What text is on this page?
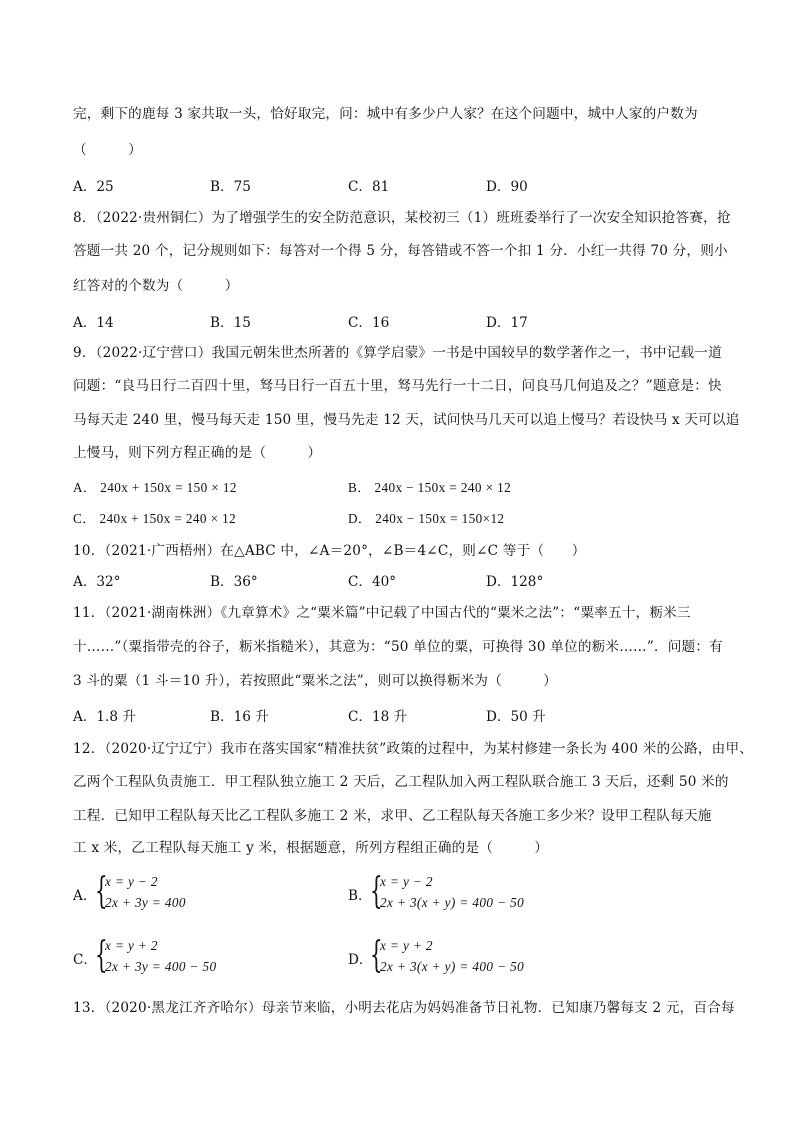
完，剩下的鹿每 3 家共取一头，恰好取完，问：城中有多少户人家？在这个问题中，城中人家的户数为
（　　　）
A．25	B．75	C．81	D．90
8．（2022·贵州铜仁）为了增强学生的安全防范意识，某校初三（1）班班委举行了一次安全知识抢答赛，抢
答题一共 20 个，记分规则如下：每答对一个得 5 分，每答错或不答一个扣 1 分．小红一共得 70 分，则小
红答对的个数为（　　　）
A．14	B．15	C．16	D．17
9．（2022·辽宁营口）我国元朝朱世杰所著的《算学启蒙》一书是中国较早的数学著作之一，书中记载一道
问题：“良马日行二百四十里，驽马日行一百五十里，驽马先行一十二日，问良马几何追及之？”题意是：快
马每天走 240 里，慢马每天走 150 里，慢马先走 12 天，试问快马几天可以追上慢马？若设快马 x 天可以追
上慢马，则下列方程正确的是（　　　）
A． 240x + 150x = 150 × 12	B． 240x − 150x = 240 × 12
C． 240x + 150x = 240 × 12	D． 240x − 150x = 150×12
10．（2021·广西梧州）在△ABC 中，∠A＝20°，∠B＝4∠C，则∠C 等于（　　）
A．32°	B．36°	C．40°	D．128°
11．（2021·湖南株洲）《九章算术》之“粟米篇”中记载了中国古代的“粟米之法”：“粟率五十，粝米三
十……”（粟指带壳的谷子，粝米指糙米），其意为：“50 单位的粟，可换得 30 单位的粝米……”．问题：有
3 斗的粟（1 斗＝10 升），若按照此“粟米之法”，则可以换得粝米为（　　　）
A．1.8 升	B．16 升	C．18 升	D．50 升
12．（2020·辽宁辽宁）我市在落实国家“精准扶贫”政策的过程中，为某村修建一条长为 400 米的公路，由甲、
乙两个工程队负责施工．甲工程队独立施工 2 天后，乙工程队加入两工程队联合施工 3 天后，还剩 50 米的
工程．已知甲工程队每天比乙工程队多施工 2 米，求甲、乙工程队每天各施工多少米？设甲工程队每天施
工 x 米，乙工程队每天施工 y 米，根据题意，所列方程组正确的是（　　　）
A．
{
x = y − 2
2x + 3y = 400	B．
{
x = y − 2
2x + 3(x + y) = 400 − 50
C．
{
x = y + 2
2x + 3y = 400 − 50	D．
{
x = y + 2
2x + 3(x + y) = 400 − 50
13．（2020·黑龙江齐齐哈尔）母亲节来临，小明去花店为妈妈准备节日礼物．已知康乃馨每支 2 元，百合每
